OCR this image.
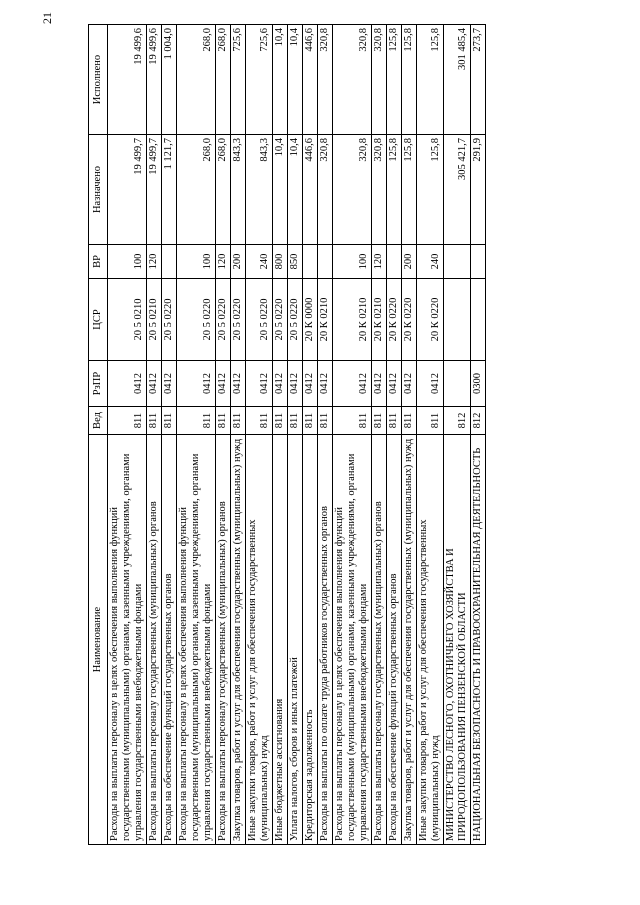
21
Наименование	Вед	РзПР	ЦСР	ВР	Назначено	Исполнено
Расходы на выплаты персоналу в целях обеспечения выполнения функций государственными (муниципальными) органами, казенными учреждениями, органами управления государственными внебюджетными фондами	811	0412	20 5 0210	100	19 499,7	19 499,6
Расходы на выплаты персоналу государственных (муниципальных) органов	811	0412	20 5 0210	120	19 499,7	19 499,6
Расходы на обеспечение функций государственных органов	811	0412	20 5 0220		1 121,7	1 004,0
Расходы на выплаты персоналу в целях обеспечения выполнения функций государственными (муниципальными) органами, казенными учреждениями, органами управления государственными внебюджетными фондами	811	0412	20 5 0220	100	268,0	268,0
Расходы на выплаты персоналу государственных (муниципальных) органов	811	0412	20 5 0220	120	268,0	268,0
Закупка товаров, работ и услуг для обеспечения государственных (муниципальных) нужд	811	0412	20 5 0220	200	843,3	725,6
Иные закупки товаров, работ и услуг для обеспечения государственных (муниципальных) нужд	811	0412	20 5 0220	240	843,3	725,6
Иные бюджетные ассигнования	811	0412	20 5 0220	800	10,4	10,4
Уплата налогов, сборов и иных платежей	811	0412	20 5 0220	850	10,4	10,4
Кредиторская задолженность	811	0412	20 К 0000		446,6	446,6
Расходы на выплаты по оплате труда работников государственных органов	811	0412	20 К 0210		320,8	320,8
Расходы на выплаты персоналу в целях обеспечения выполнения функций государственными (муниципальными) органами, казенными учреждениями, органами управления государственными внебюджетными фондами	811	0412	20 К 0210	100	320,8	320,8
Расходы на выплаты персоналу государственных (муниципальных) органов	811	0412	20 К 0210	120	320,8	320,8
Расходы на обеспечение функций государственных органов	811	0412	20 К 0220		125,8	125,8
Закупка товаров, работ и услуг для обеспечения государственных (муниципальных) нужд	811	0412	20 К 0220	200	125,8	125,8
Иные закупки товаров, работ и услуг для обеспечения государственных (муниципальных) нужд	811	0412	20 К 0220	240	125,8	125,8
МИНИСТЕРСТВО ЛЕСНОГО, ОХОТНИЧЬЕГО ХОЗЯЙСТВА И ПРИРОДОПОЛЬЗОВАНИЯ ПЕНЗЕНСКОЙ ОБЛАСТИ	812				305 421,7	301 485,4
НАЦИОНАЛЬНАЯ БЕЗОПАСНОСТЬ И ПРАВООХРАНИТЕЛЬНАЯ ДЕЯТЕЛЬНОСТЬ	812	0300			291,9	273,7
